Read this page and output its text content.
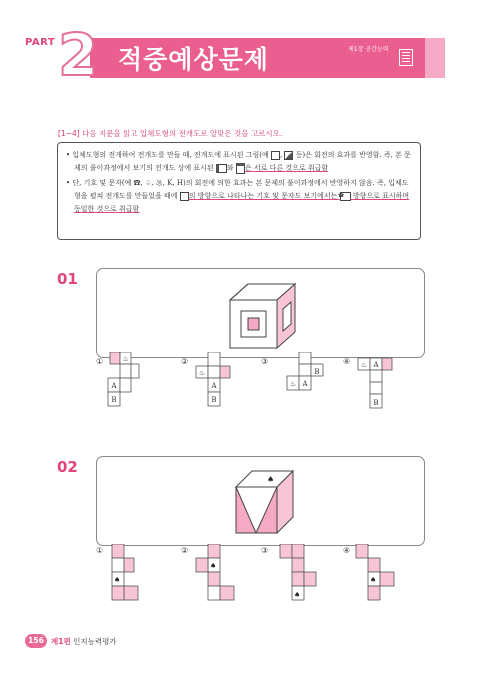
PART 2 적중예상문제	제1장 공간능력
[1~4] 다음 지문을 읽고 입체도형의 전개도로 알맞은 것을 고르시오.

• 입체도형의 전개하여 전개도를 만들 때, 전개도에 표시된 그림(예 ,  등)은 회전의 효과를 반영함. 즉, 본 문제의 풀이과정에서 보기의 전개도 상에 표시된 와 은 서로 다른 것으로 취급함

• 단, 기호 및 문자(예 ☎, ♤, ♨, K, H)의 회전에 의한 효과는 본 문제의 풀이과정에서 반영하지 않음. 즉, 입체도형을 펼쳐 전개도를 만들었을 때에 의 방향으로 나타나는 기호 및 문자도 보기에서는 ☎ 방향으로 표시하며 동일한 것으로 취급함

01
①	②	③	④
♨
A
B
♨
A
B
♨ A
B
♨ A
B
02
♠
①	②	③	④
♠
♠
♠
♠
156 제1편 인지능력평가
